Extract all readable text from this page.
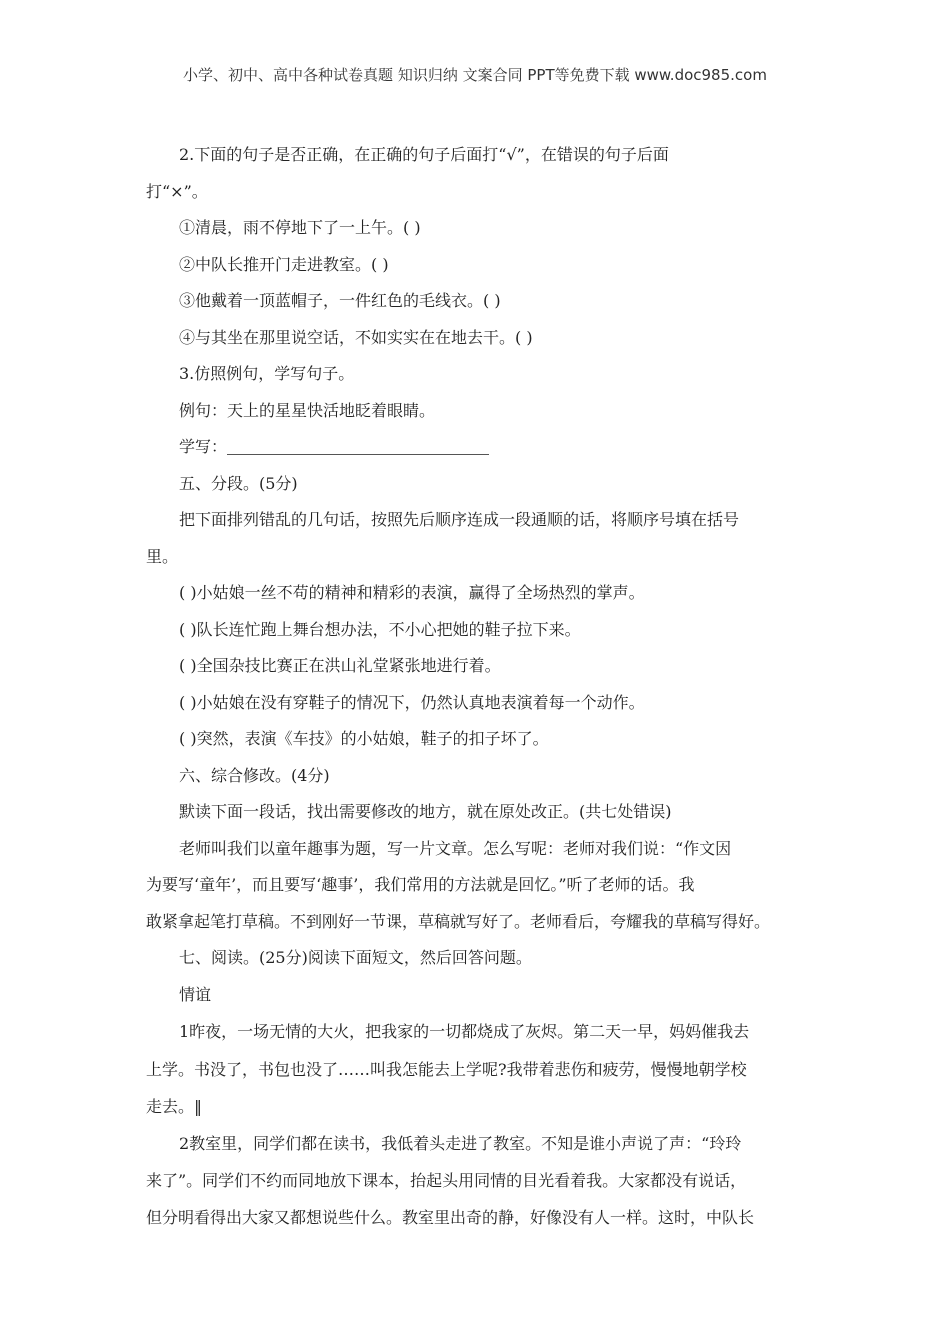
小学、初中、高中各种试卷真题 知识归纳 文案合同 PPT等免费下载 www.doc985.com
2.下面的句子是否正确，在正确的句子后面打“√”，在错误的句子后面
打“×”。
①清晨，雨不停地下了一上午。( )
②中队长推开门走进教室。( )
③他戴着一顶蓝帽子，一件红色的毛线衣。( )
④与其坐在那里说空话，不如实实在在地去干。( )
3.仿照例句，学写句子。
例句：天上的星星快活地眨着眼睛。
学写：
五、分段。(5分)
把下面排列错乱的几句话，按照先后顺序连成一段通顺的话，将顺序号填在括号
里。
( )小姑娘一丝不苟的精神和精彩的表演，赢得了全场热烈的掌声。
( )队长连忙跑上舞台想办法，不小心把她的鞋子拉下来。
( )全国杂技比赛正在洪山礼堂紧张地进行着。
( )小姑娘在没有穿鞋子的情况下，仍然认真地表演着每一个动作。
( )突然，表演《车技》的小姑娘，鞋子的扣子坏了。
六、综合修改。(4分)
默读下面一段话，找出需要修改的地方，就在原处改正。(共七处错误)
老师叫我们以童年趣事为题，写一片文章。怎么写呢：老师对我们说：“作文因
为要写‘童年’，而且要写‘趣事’，我们常用的方法就是回忆。”听了老师的话。我
敢紧拿起笔打草稿。不到刚好一节课，草稿就写好了。老师看后，夸耀我的草稿写得好。
七、阅读。(25分)阅读下面短文，然后回答问题。
情谊
1昨夜，一场无情的大火，把我家的一切都烧成了灰烬。第二天一早，妈妈催我去
上学。书没了，书包也没了……叫我怎能去上学呢?我带着悲伤和疲劳，慢慢地朝学校
走去。‖
2教室里，同学们都在读书，我低着头走进了教室。不知是谁小声说了声：“玲玲
来了”。同学们不约而同地放下课本，抬起头用同情的目光看着我。大家都没有说话，
但分明看得出大家又都想说些什么。教室里出奇的静，好像没有人一样。这时，中队长
